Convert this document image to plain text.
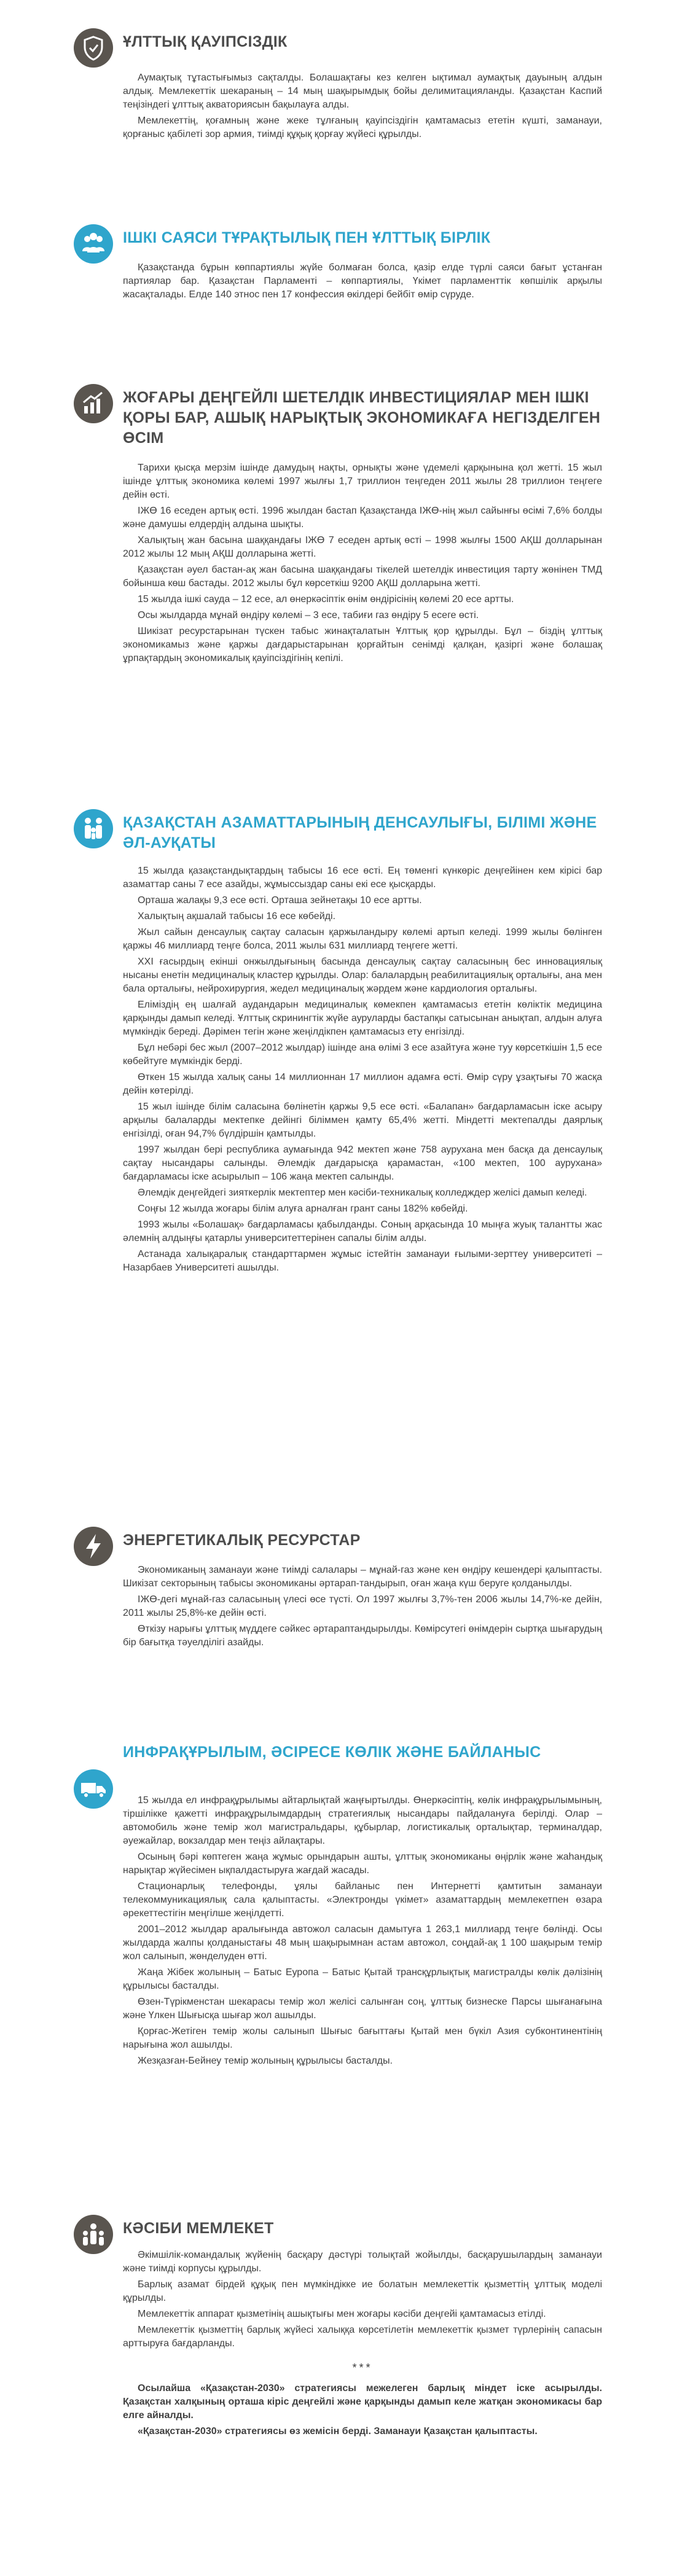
ҰЛТТЫҚ ҚАУІПСІЗДІК

Аумақтық тұтастығымыз сақталды. Болашақтағы кез келген ықтимал аумақтық дауының алдын алдық. Мемлекеттік шекараның – 14 мың шақырымдық бойы делимитацияланды. Қазақстан Каспий теңізіндегі ұлттық акваториясын бақылауға алды.

Мемлекеттің, қоғамның және жеке тұлғаның қауіпсіздігін қамтамасыз ететін күшті, заманауи, қорғаныс қабілеті зор армия, тиімді құқық қорғау жүйесі құрылды.

ІШКІ САЯСИ ТҰРАҚТЫЛЫҚ ПЕН ҰЛТТЫҚ БІРЛІК

Қазақстанда бұрын көппартиялы жүйе болмаған болса, қазір елде түрлі саяси бағыт ұстанған партиялар бар. Қазақстан Парламенті – көппартиялы, Үкімет парламенттік көпшілік арқылы жасақталады. Елде 140 этнос пен 17 конфессия өкілдері бейбіт өмір сүруде.

ЖОҒАРЫ ДЕҢГЕЙЛІ ШЕТЕЛДІК ИНВЕСТИЦИЯЛАР МЕН ІШКІ ҚОРЫ БАР, АШЫҚ НАРЫҚТЫҚ ЭКОНОМИКАҒА НЕГІЗДЕЛГЕН ӨСІМ

Тарихи қысқа мерзім ішінде дамудың нақты, орнықты және үдемелі қарқынына қол жеттi. 15 жыл ішінде ұлттық экономика көлемі 1997 жылғы 1,7 триллион теңгеден 2011 жылы 28 триллион теңгеге дейін өсті.

ІЖӨ 16 еседен артық өсті. 1996 жылдан бастап Қазақстанда ІЖӨ-нің жыл сайынғы өсімі 7,6% болды және дамушы елдердің алдына шықты.

Халықтың жан басына шаққандағы ІЖӨ 7 еседен артық өсті – 1998 жылғы 1500 АҚШ долларынан 2012 жылы 12 мың АҚШ долларына жетті.

Қазақстан әуел бастан-ақ жан басына шаққандағы тікелей шетелдік инвестиция тарту жөнінен ТМД бойынша көш бастады. 2012 жылы бұл көрсеткіш 9200 АҚШ долларына жетті.

15 жылда ішкі сауда – 12 есе, ал өнеркәсіптік өнім өндірісінің көлемі 20 есе артты.

Осы жылдарда мұнай өндіру көлемі – 3 есе, табиғи газ өндіру 5 есеге өсті.

Шикізат ресурстарынан түскен табыс жинақталатын Ұлттық қор құрылды. Бұл – біздің ұлттық экономикамыз және қаржы дағдарыстарынан қорғайтын сенімді қалқан, қазіргі және болашақ ұрпақтардың экономикалық қауіпсіздігінің кепілі.

ҚАЗАҚСТАН АЗАМАТТАРЫНЫҢ ДЕНСАУЛЫҒЫ, БІЛІМІ ЖӘНЕ ӘЛ-АУҚАТЫ

15 жылда қазақстандықтардың табысы 16 есе өсті. Ең төменгі күнкөріс деңгейінен кем кірісі бар азаматтар саны 7 есе азайды, жұмыссыздар саны екі есе қысқарды.

Орташа жалақы 9,3 есе өсті. Орташа зейнетақы 10 есе артты.

Халықтың ақшалай табысы 16 есе көбейді.

Жыл сайын денсаулық сақтау саласын қаржыландыру көлемі артып келеді. 1999 жылы бөлінген қаржы 46 миллиард теңге болса, 2011 жылы 631 миллиард теңгеге жетті.

ХХІ ғасырдың екінші онжылдығының басында денсаулық сақтау саласының бес инновациялық нысаны енетін медициналық кластер құрылды. Олар: балалардың реабилитациялық орталығы, ана мен бала орталығы, нейрохирургия, жедел медициналық жәрдем және кардиология орталығы.

Еліміздің ең шалғай аудандарын медициналық көмекпен қамтамасыз ететін көліктік медицина қарқынды дамып келеді. Ұлттық скринингтік жүйе ауруларды бастапқы сатысынан анықтап, алдын алуға мүмкіндік береді. Дәрімен тегін және жеңілдікпен қамтамасыз ету енгізілді.

Бұл небәрі бес жыл (2007–2012 жылдар) ішінде ана өлімі 3 есе азайтуға және туу көрсеткішін 1,5 есе көбейтуге мүмкіндік берді.

Өткен 15 жылда халық саны 14 миллионнан 17 миллион адамға өсті. Өмір сүру ұзақтығы 70 жасқа дейін көтерілді.

15 жыл ішінде білім саласына бөлінетін қаржы 9,5 есе өсті. «Балапан» бағдарламасын іске асыру арқылы балаларды мектепке дейінгі біліммен қамту 65,4% жетті. Міндетті мектепалды даярлық енгізілді, оған 94,7% бүлдіршін қамтылды.

1997 жылдан бері республика аумағында 942 мектеп және 758 аурухана мен басқа да денсаулық сақтау нысандары салынды. Әлемдік дағдарысқа қарамастан, «100 мектеп, 100 аурухана» бағдарламасы іске асырылып – 106 жаңа мектеп салынды.

Әлемдік деңгейдегі зияткерлік мектептер мен кәсіби-техникалық колледждер желісі дамып келеді.

Соңғы 12 жылда жоғары білім алуға арналған грант саны 182% көбейді.

1993 жылы «Болашақ» бағдарламасы қабылданды. Соның арқасында 10 мыңға жуық талантты жас әлемнің алдыңғы қатарлы университеттерінен сапалы білім алды.

Астанада халықаралық стандарттармен жұмыс істейтін заманауи ғылыми-зерттеу университеті – Назарбаев Университеті ашылды.

ЭНЕРГЕТИКАЛЫҚ РЕСУРСТАР

Экономиканың заманауи және тиімді салалары – мұнай-газ және кен өндіру кешендері қалыптасты. Шикізат секторының табысы экономиканы әртарап-тандырып, оған жаңа күш беруге қолданылды.

ІЖӨ-дегі мұнай-газ саласының үлесі өсе түсті. Ол 1997 жылғы 3,7%-тен 2006 жылы 14,7%-ке дейін, 2011 жылы 25,8%-ке дейін өсті.

Өткізу нарығы ұлттық мүддеге сәйкес әртараптандырылды. Көмірсутегі өнімдерін сыртқа шығарудың бір бағытқа тәуелділігі азайды.

ИНФРАҚҰРЫЛЫМ, ӘСІРЕСЕ КӨЛІК ЖӘНЕ БАЙЛАНЫС

15 жылда ел инфрақұрылымы айтарлықтай жаңғыртылды. Өнеркәсіптің, көлік инфрақұрылымының, тіршілікке қажетті инфрақұрылымдардың стратегиялық нысандары пайдалануға берілді. Олар – автомобиль және темір жол магистральдары, құбырлар, логистикалық орталықтар, терминалдар, әуежайлар, вокзалдар мен теңіз айлақтары.

Осының бәрі көптеген жаңа жұмыс орындарын ашты, ұлттық экономиканы өңірлік және жаһандық нарықтар жүйесімен ықпалдастыруға жағдай жасады.

Стационарлық телефонды, ұялы байланыс пен Интернетті қамтитын заманауи телекоммуникациялық сала қалыптасты. «Электронды үкімет» азаматтардың мемлекетпен өзара әрекеттестігін меңгілше жеңілдетті.

2001–2012 жылдар аралығында автожол саласын дамытуға 1 263,1 миллиард теңге бөлінді. Осы жылдарда жалпы қолданыстағы 48 мың шақырымнан астам автожол, соңдай-ақ 1 100 шақырым темір жол салынып, жөнделуден өтті.

Жаңа Жібек жолының – Батыс Еуропа – Батыс Қытай трансқұрлықтық магистралды көлік дәлізінің құрылысы басталды.

Өзен-Түрікменстан шекарасы темір жол желісі салынған соң, ұлттық бизнеске Парсы шығанағына және Үлкен Шығысқа шығар жол ашылды.

Қорғас-Жетіген темір жолы салынып Шығыс бағыттағы Қытай мен бүкіл Азия субконтинентінің нарығына жол ашылды.

Жезқазған-Бейнеу темір жолының құрылысы басталды.

КӘСІБИ МЕМЛЕКЕТ

Әкімшілік-командалық жүйенің басқару дәстүрі толықтай жойылды, басқарушылардың заманауи және тиімді корпусы құрылды.

Барлық азамат бірдей құқық пен мүмкіндікке ие болатын мемлекеттік қызметтің ұлттық моделі құрылды.

Мемлекеттік аппарат қызметінің ашықтығы мен жоғары кәсіби деңгейі қамтамасыз етілді.

Мемлекеттік қызметтің барлық жүйесі халыққа көрсетілетін мемлекеттік қызмет түрлерінің сапасын арттыруға бағдарланды.

***

Осылайша «Қазақстан-2030» стратегиясы межелеген барлық міндет іске асырылды. Қазақстан халқының орташа кіріс деңгейлі және қарқынды дамып келе жатқан экономикасы бар елге айналды.

«Қазақстан-2030» стратегиясы өз жемісін берді. Заманауи Қазақстан қалыптасты.
